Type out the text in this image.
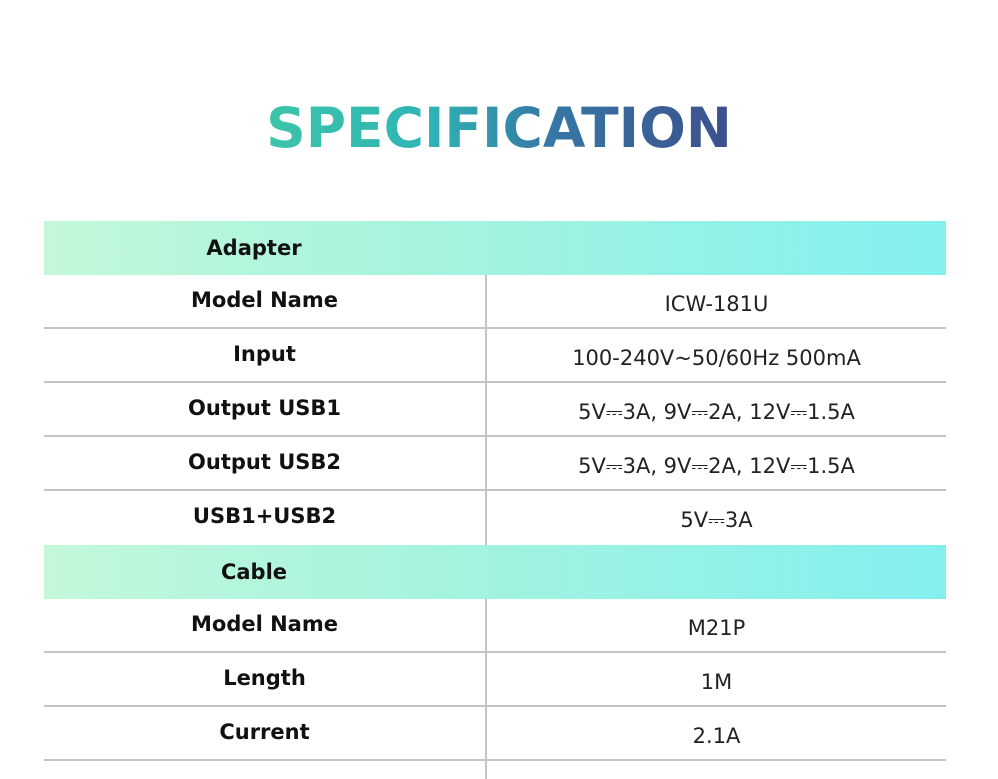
SPECIFICATION
Adapter
Model Name	ICW-181U
Input	100-240V~50/60Hz 500mA
Output USB1	5V⎓3A, 9V⎓2A, 12V⎓1.5A
Output USB2	5V⎓3A, 9V⎓2A, 12V⎓1.5A
USB1+USB2	5V⎓3A
Cable
Model Name	M21P
Length	1M
Current	2.1A
